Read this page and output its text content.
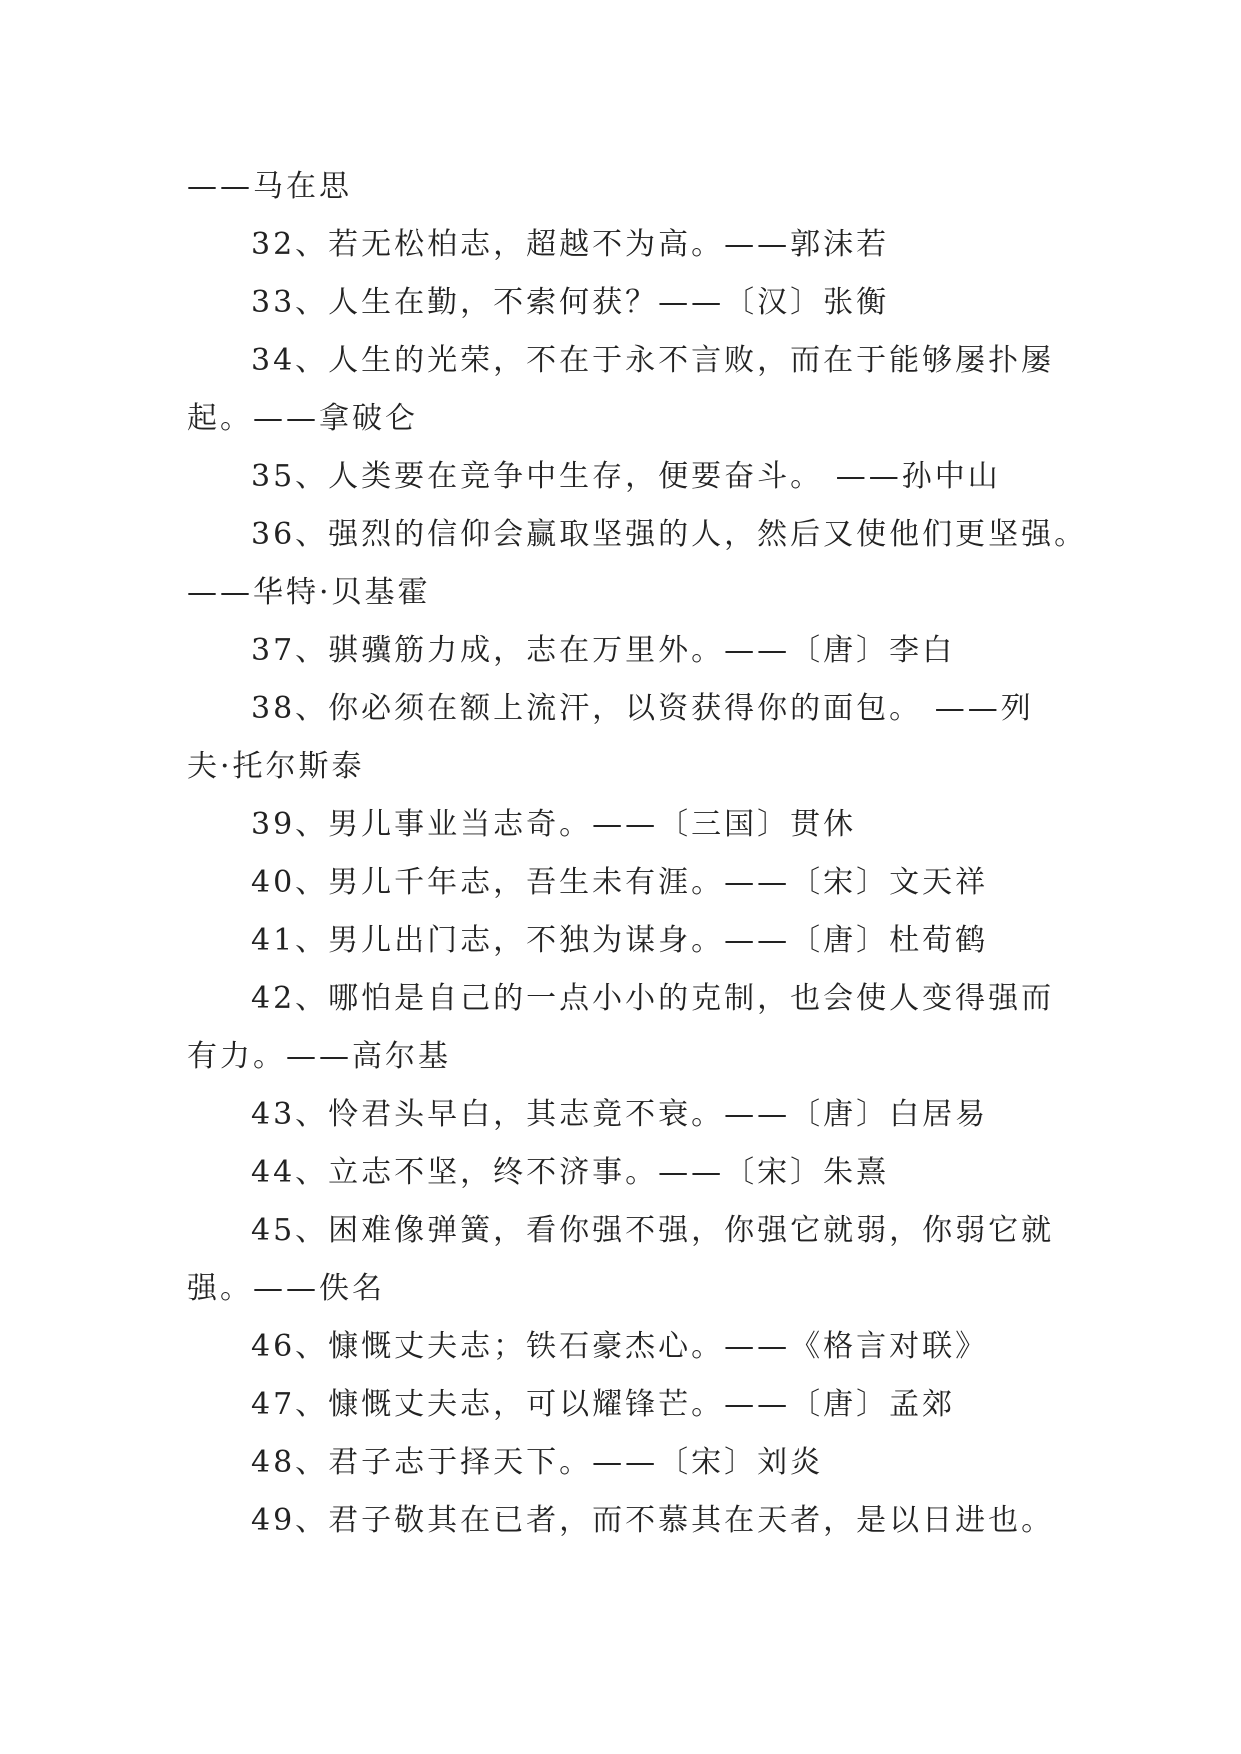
——马在思
32、若无松柏志，超越不为高。——郭沫若
33、人生在勤，不索何获？——〔汉〕张衡
34、人生的光荣，不在于永不言败，而在于能够屡扑屡
起。——拿破仑
35、人类要在竞争中生存，便要奋斗。 ——孙中山
36、强烈的信仰会赢取坚强的人，然后又使他们更坚强。
——华特·贝基霍
37、骐骥筋力成，志在万里外。——〔唐〕李白
38、你必须在额上流汗，以资获得你的面包。 ——列
夫·托尔斯泰
39、男儿事业当志奇。——〔三国〕贯休
40、男儿千年志，吾生未有涯。——〔宋〕文天祥
41、男儿出门志，不独为谋身。——〔唐〕杜荀鹤
42、哪怕是自己的一点小小的克制，也会使人变得强而
有力。——高尔基
43、怜君头早白，其志竟不衰。——〔唐〕白居易
44、立志不坚，终不济事。——〔宋〕朱熹
45、困难像弹簧，看你强不强，你强它就弱，你弱它就
强。——佚名
46、慷慨丈夫志；铁石豪杰心。——《格言对联》
47、慷慨丈夫志，可以耀锋芒。——〔唐〕孟郊
48、君子志于择天下。——〔宋〕刘炎
49、君子敬其在已者，而不慕其在天者，是以日进也。
